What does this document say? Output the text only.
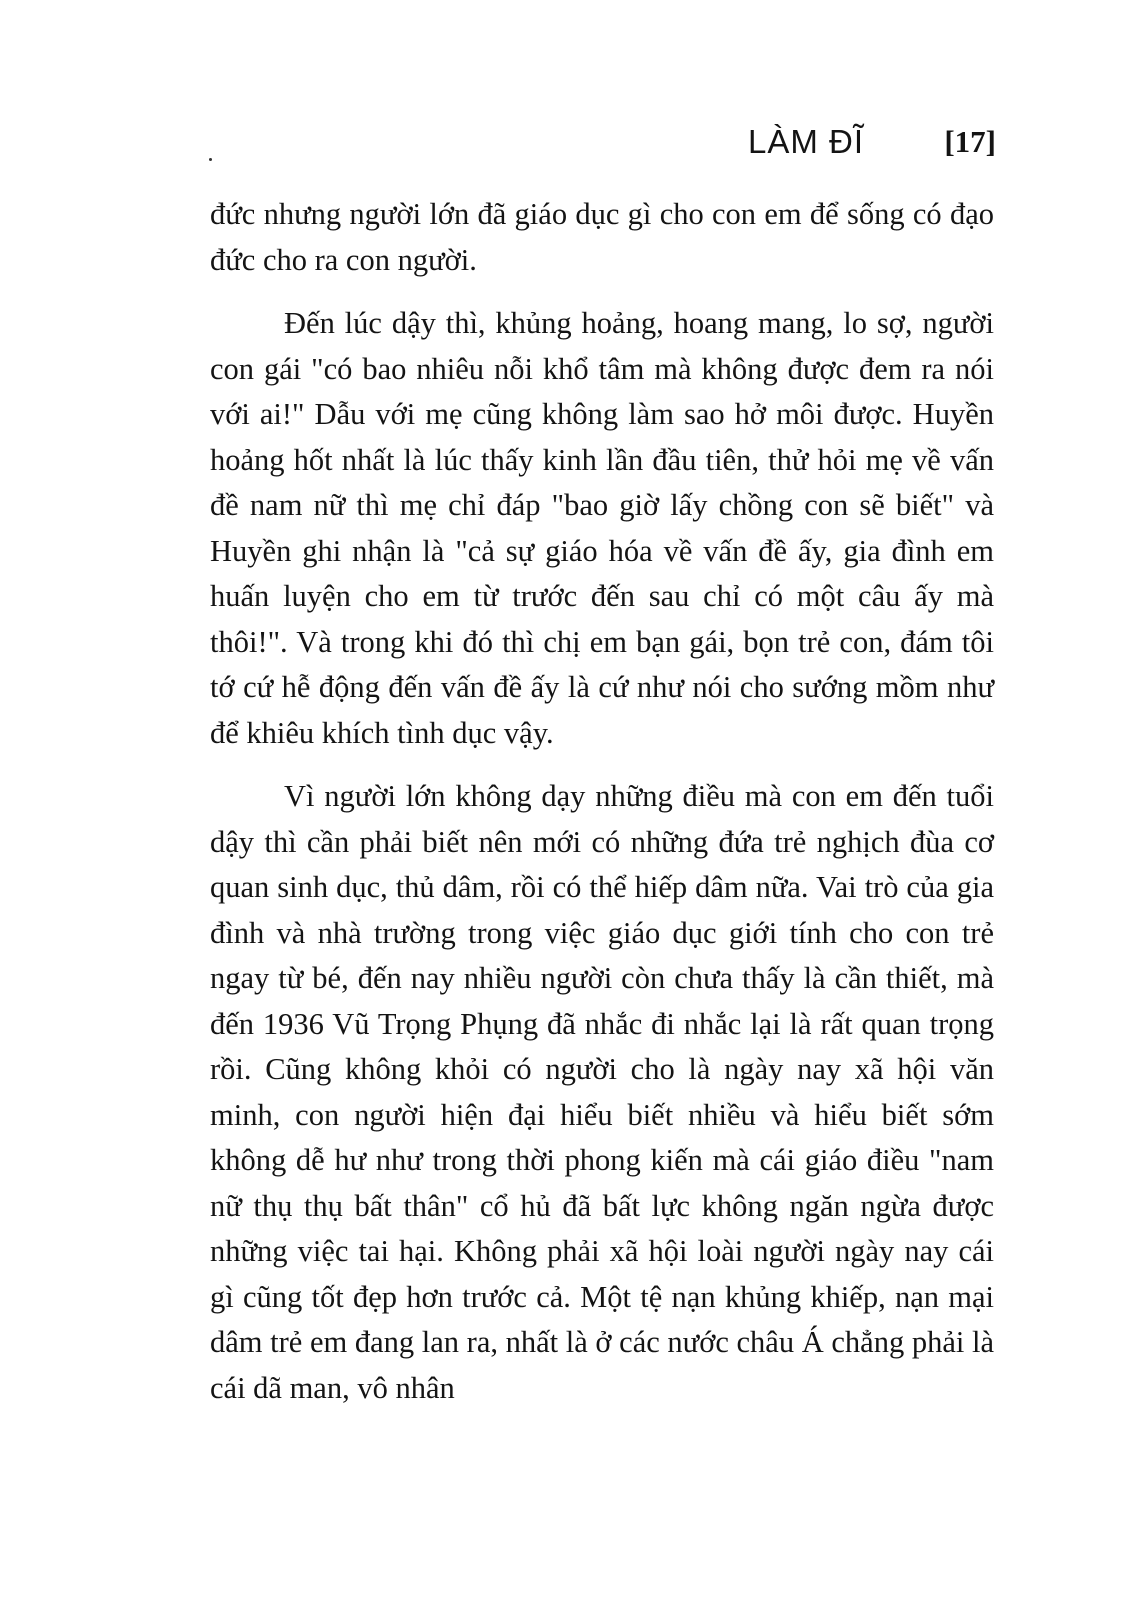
LÀM ĐĨ	[17]

đức nhưng người lớn đã giáo dục gì cho con em để sống có đạo đức cho ra con người.

Đến lúc dậy thì, khủng hoảng, hoang mang, lo sợ, người con gái "có bao nhiêu nỗi khổ tâm mà không được đem ra nói với ai!" Dẫu với mẹ cũng không làm sao hở môi được. Huyền hoảng hốt nhất là lúc thấy kinh lần đầu tiên, thử hỏi mẹ về vấn đề nam nữ thì mẹ chỉ đáp "bao giờ lấy chồng con sẽ biết" và Huyền ghi nhận là "cả sự giáo hóa về vấn đề ấy, gia đình em huấn luyện cho em từ trước đến sau chỉ có một câu ấy mà thôi!". Và trong khi đó thì chị em bạn gái, bọn trẻ con, đám tôi tớ cứ hễ động đến vấn đề ấy là cứ như nói cho sướng mồm như để khiêu khích tình dục vậy.

Vì người lớn không dạy những điều mà con em đến tuổi dậy thì cần phải biết nên mới có những đứa trẻ nghịch đùa cơ quan sinh dục, thủ dâm, rồi có thể hiếp dâm nữa. Vai trò của gia đình và nhà trường trong việc giáo dục giới tính cho con trẻ ngay từ bé, đến nay nhiều người còn chưa thấy là cần thiết, mà đến 1936 Vũ Trọng Phụng đã nhắc đi nhắc lại là rất quan trọng rồi. Cũng không khỏi có người cho là ngày nay xã hội văn minh, con người hiện đại hiểu biết nhiều và hiểu biết sớm không dễ hư như trong thời phong kiến mà cái giáo điều "nam nữ thụ thụ bất thân" cổ hủ đã bất lực không ngăn ngừa được những việc tai hại. Không phải xã hội loài người ngày nay cái gì cũng tốt đẹp hơn trước cả. Một tệ nạn khủng khiếp, nạn mại dâm trẻ em đang lan ra, nhất là ở các nước châu Á chẳng phải là cái dã man, vô nhân
